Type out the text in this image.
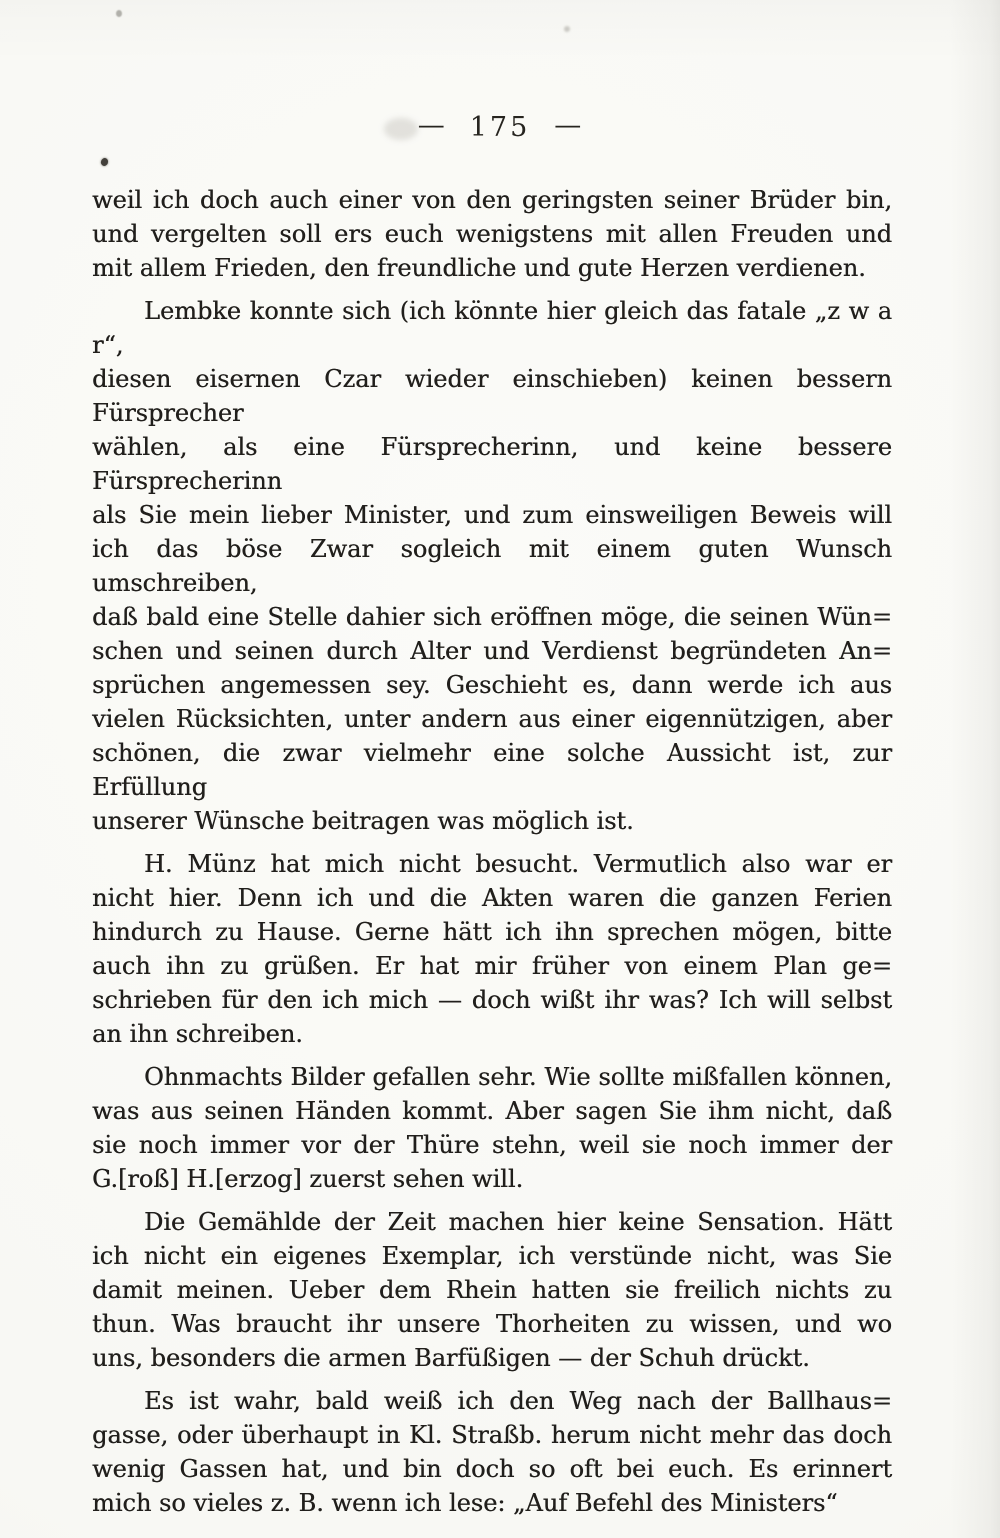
— 175 —

weil ich doch auch einer von den geringsten seiner Brüder bin,
und vergelten soll ers euch wenigstens mit allen Freuden und
mit allem Frieden, den freundliche und gute Herzen verdienen.

Lembke konnte sich (ich könnte hier gleich das fatale „z w a r“,
diesen eisernen Czar wieder einschieben) keinen bessern Fürsprecher
wählen, als eine Fürsprecherinn, und keine bessere Fürsprecherinn
als Sie mein lieber Minister, und zum einsweiligen Beweis will
ich das böse Zwar sogleich mit einem guten Wunsch umschreiben,
daß bald eine Stelle dahier sich eröffnen möge, die seinen Wün=
schen und seinen durch Alter und Verdienst begründeten An=
sprüchen angemessen sey. Geschieht es, dann werde ich aus
vielen Rücksichten, unter andern aus einer eigennützigen, aber
schönen, die zwar vielmehr eine solche Aussicht ist, zur Erfüllung
unserer Wünsche beitragen was möglich ist.

H. Münz hat mich nicht besucht. Vermutlich also war er
nicht hier. Denn ich und die Akten waren die ganzen Ferien
hindurch zu Hause. Gerne hätt ich ihn sprechen mögen, bitte
auch ihn zu grüßen. Er hat mir früher von einem Plan ge=
schrieben für den ich mich — doch wißt ihr was? Ich will selbst
an ihn schreiben.

Ohnmachts Bilder gefallen sehr. Wie sollte mißfallen können,
was aus seinen Händen kommt. Aber sagen Sie ihm nicht, daß
sie noch immer vor der Thüre stehn, weil sie noch immer der
G.[roß] H.[erzog] zuerst sehen will.

Die Gemählde der Zeit machen hier keine Sensation. Hätt
ich nicht ein eigenes Exemplar, ich verstünde nicht, was Sie
damit meinen. Ueber dem Rhein hatten sie freilich nichts zu
thun. Was braucht ihr unsere Thorheiten zu wissen, und wo
uns, besonders die armen Barfüßigen — der Schuh drückt.

Es ist wahr, bald weiß ich den Weg nach der Ballhaus=
gasse, oder überhaupt in Kl. Straßb. herum nicht mehr das doch
wenig Gassen hat, und bin doch so oft bei euch. Es erinnert
mich so vieles z. B. wenn ich lese: „Auf Befehl des Ministers“
